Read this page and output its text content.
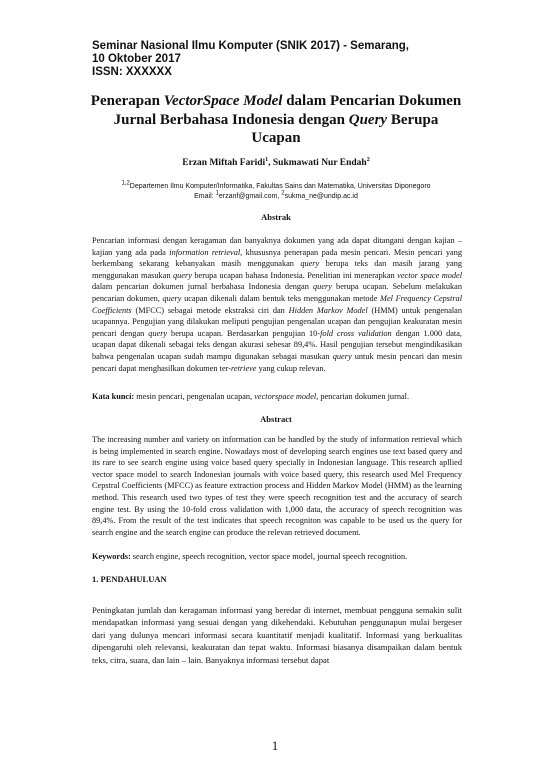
Seminar Nasional Ilmu Komputer (SNIK 2017) - Semarang,
10 Oktober 2017
ISSN: XXXXXX
Penerapan VectorSpace Model dalam Pencarian Dokumen Jurnal Berbahasa Indonesia dengan Query Berupa Ucapan
Erzan Miftah Faridi$^1$, Sukmawati Nur Endah$^2$
$^{1,2}$Departemen Ilmu Komputer/Informatika, Fakultas Sains dan Matematika, Universitas Diponegoro
Email: $^1$erzanf@gmail.com, $^2$sukma_ne@undip.ac.id
Abstrak
Pencarian informasi dengan keragaman dan banyaknya dokumen yang ada dapat ditangani dengan kajian – kajian yang ada pada information retrieval, khususnya penerapan pada mesin pencari. Mesin pencari yang berkembang sekarang kebanyakan masih menggunakan query berupa teks dan masih jarang yang menggunakan masukan query berupa ucapan bahasa Indonesia. Penelitian ini menerapkan vector space model dalam pencarian dokumen jurnal berbahasa Indonesia dengan query berupa ucapan. Sebelum melakukan pencarian dokumen, query ucapan dikenali dalam bentuk teks menggunakan metode Mel Frequency Cepstral Coefficients (MFCC) sebagai metode ekstraksi ciri dan Hidden Markov Model (HMM) untuk pengenalan ucapannya. Pengujian yang dilakukan meliputi pengujian pengenalan ucapan dan pengujian keakuratan mesin pencari dengan query berupa ucapan. Berdasarkan pengujian 10-fold cross validation dengan 1.000 data, ucapan dapat dikenali sebagai teks dengan akurasi sebesar 89,4%. Hasil pengujian tersebut mengindikasikan bahwa pengenalan ucapan sudah mampu digunakan sebagai masukan query untuk mesin pencari dan mesin pencari dapat menghasilkan dokumen ter-retrieve yang cukup relevan.
Kata kunci: mesin pencari, pengenalan ucapan, vectorspace model, pencarian dokumen jurnal.
Abstract
The increasing number and variety on information can be handled by the study of information retrieval which is being implemented in search engine. Nowadays most of developing search engines use text based query and its rare to see search engine using voice based query specially in Indonesian language. This research apllied vector space model to search Indonesian journals with voice based query, this research used Mel Frequency Cepstral Coefficients (MFCC) as feature extraction process and Hidden Markov Model (HMM) as the learning method. This research used two types of test they were speech recognition test and the accuracy of search engine test. By using the 10-fold cross validation with 1,000 data, the accuracy of speech recognition was 89,4%. From the result of the test indicates that speech recogniton was capable to be used us the query for search engine and the search engine can produce the relevan retrieved document.
Keywords: search engine, speech recognition, vector space model, journal speech recognition.
1. PENDAHULUAN
Peningkatan jumlah dan keragaman informasi yang beredar di internet, membuat pengguna semakin sulit mendapatkan informasi yang sesuai dengan yang dikehendaki. Kebutuhan penggunapun mulai bergeser dari yang dulunya mencari informasi secara kuantitatif menjadi kualitatif. Informasi yang berkualitas dipengaruhi oleh relevansi, keakuratan dan tepat waktu. Informasi biasanya disampaikan dalam bentuk teks, citra, suara, dan lain – lain. Banyaknya informasi tersebut dapat
1
